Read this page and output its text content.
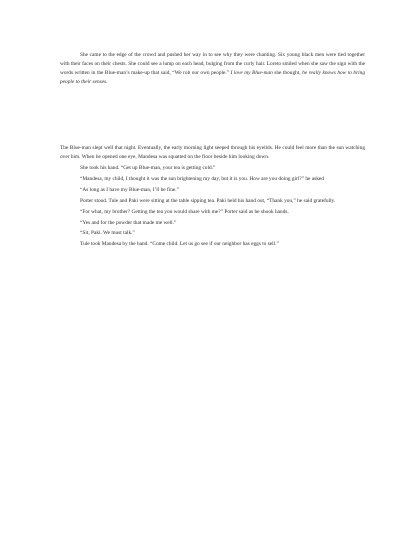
She came to the edge of the crowd and pushed her way in to see why they were chanting. Six young black men were tied together with their faces on their chests. She could see a lump on each head, bulging from the curly hair. Loreto smiled when she saw the sign with the words written in the Blue-man’s make-up that said, “We rob our own people.” I love my Blue-man she thought, he really knows how to bring people to their senses.

The Blue-man slept well that night. Eventually, the early morning light seeped through his eyelids. He could feel more than the sun watching over him. When he opened one eye, Mandesa was squatted on the floor beside him looking down.

She took his hand. “Get up Blue-man, your tea is getting cold.”

“Mandesa, my child, I thought it was the sun brightening my day, but it is you. How are you doing girl?” he asked

“As long as I have my Blue-man, I’ll be fine.”

Porter stood. Tule and Paki were sitting at the table sipping tea. Paki held his hand out, “Thank you,” he said gratefully.

“For what, my brother? Getting the tea you would share with me?” Porter said as he shook hands.

“Yes and for the powder that made me well.”

“Sit, Paki. We must talk.”

Tule took Mandesa by the hand. “Come child. Let us go see if our neighbor has eggs to sell.”
